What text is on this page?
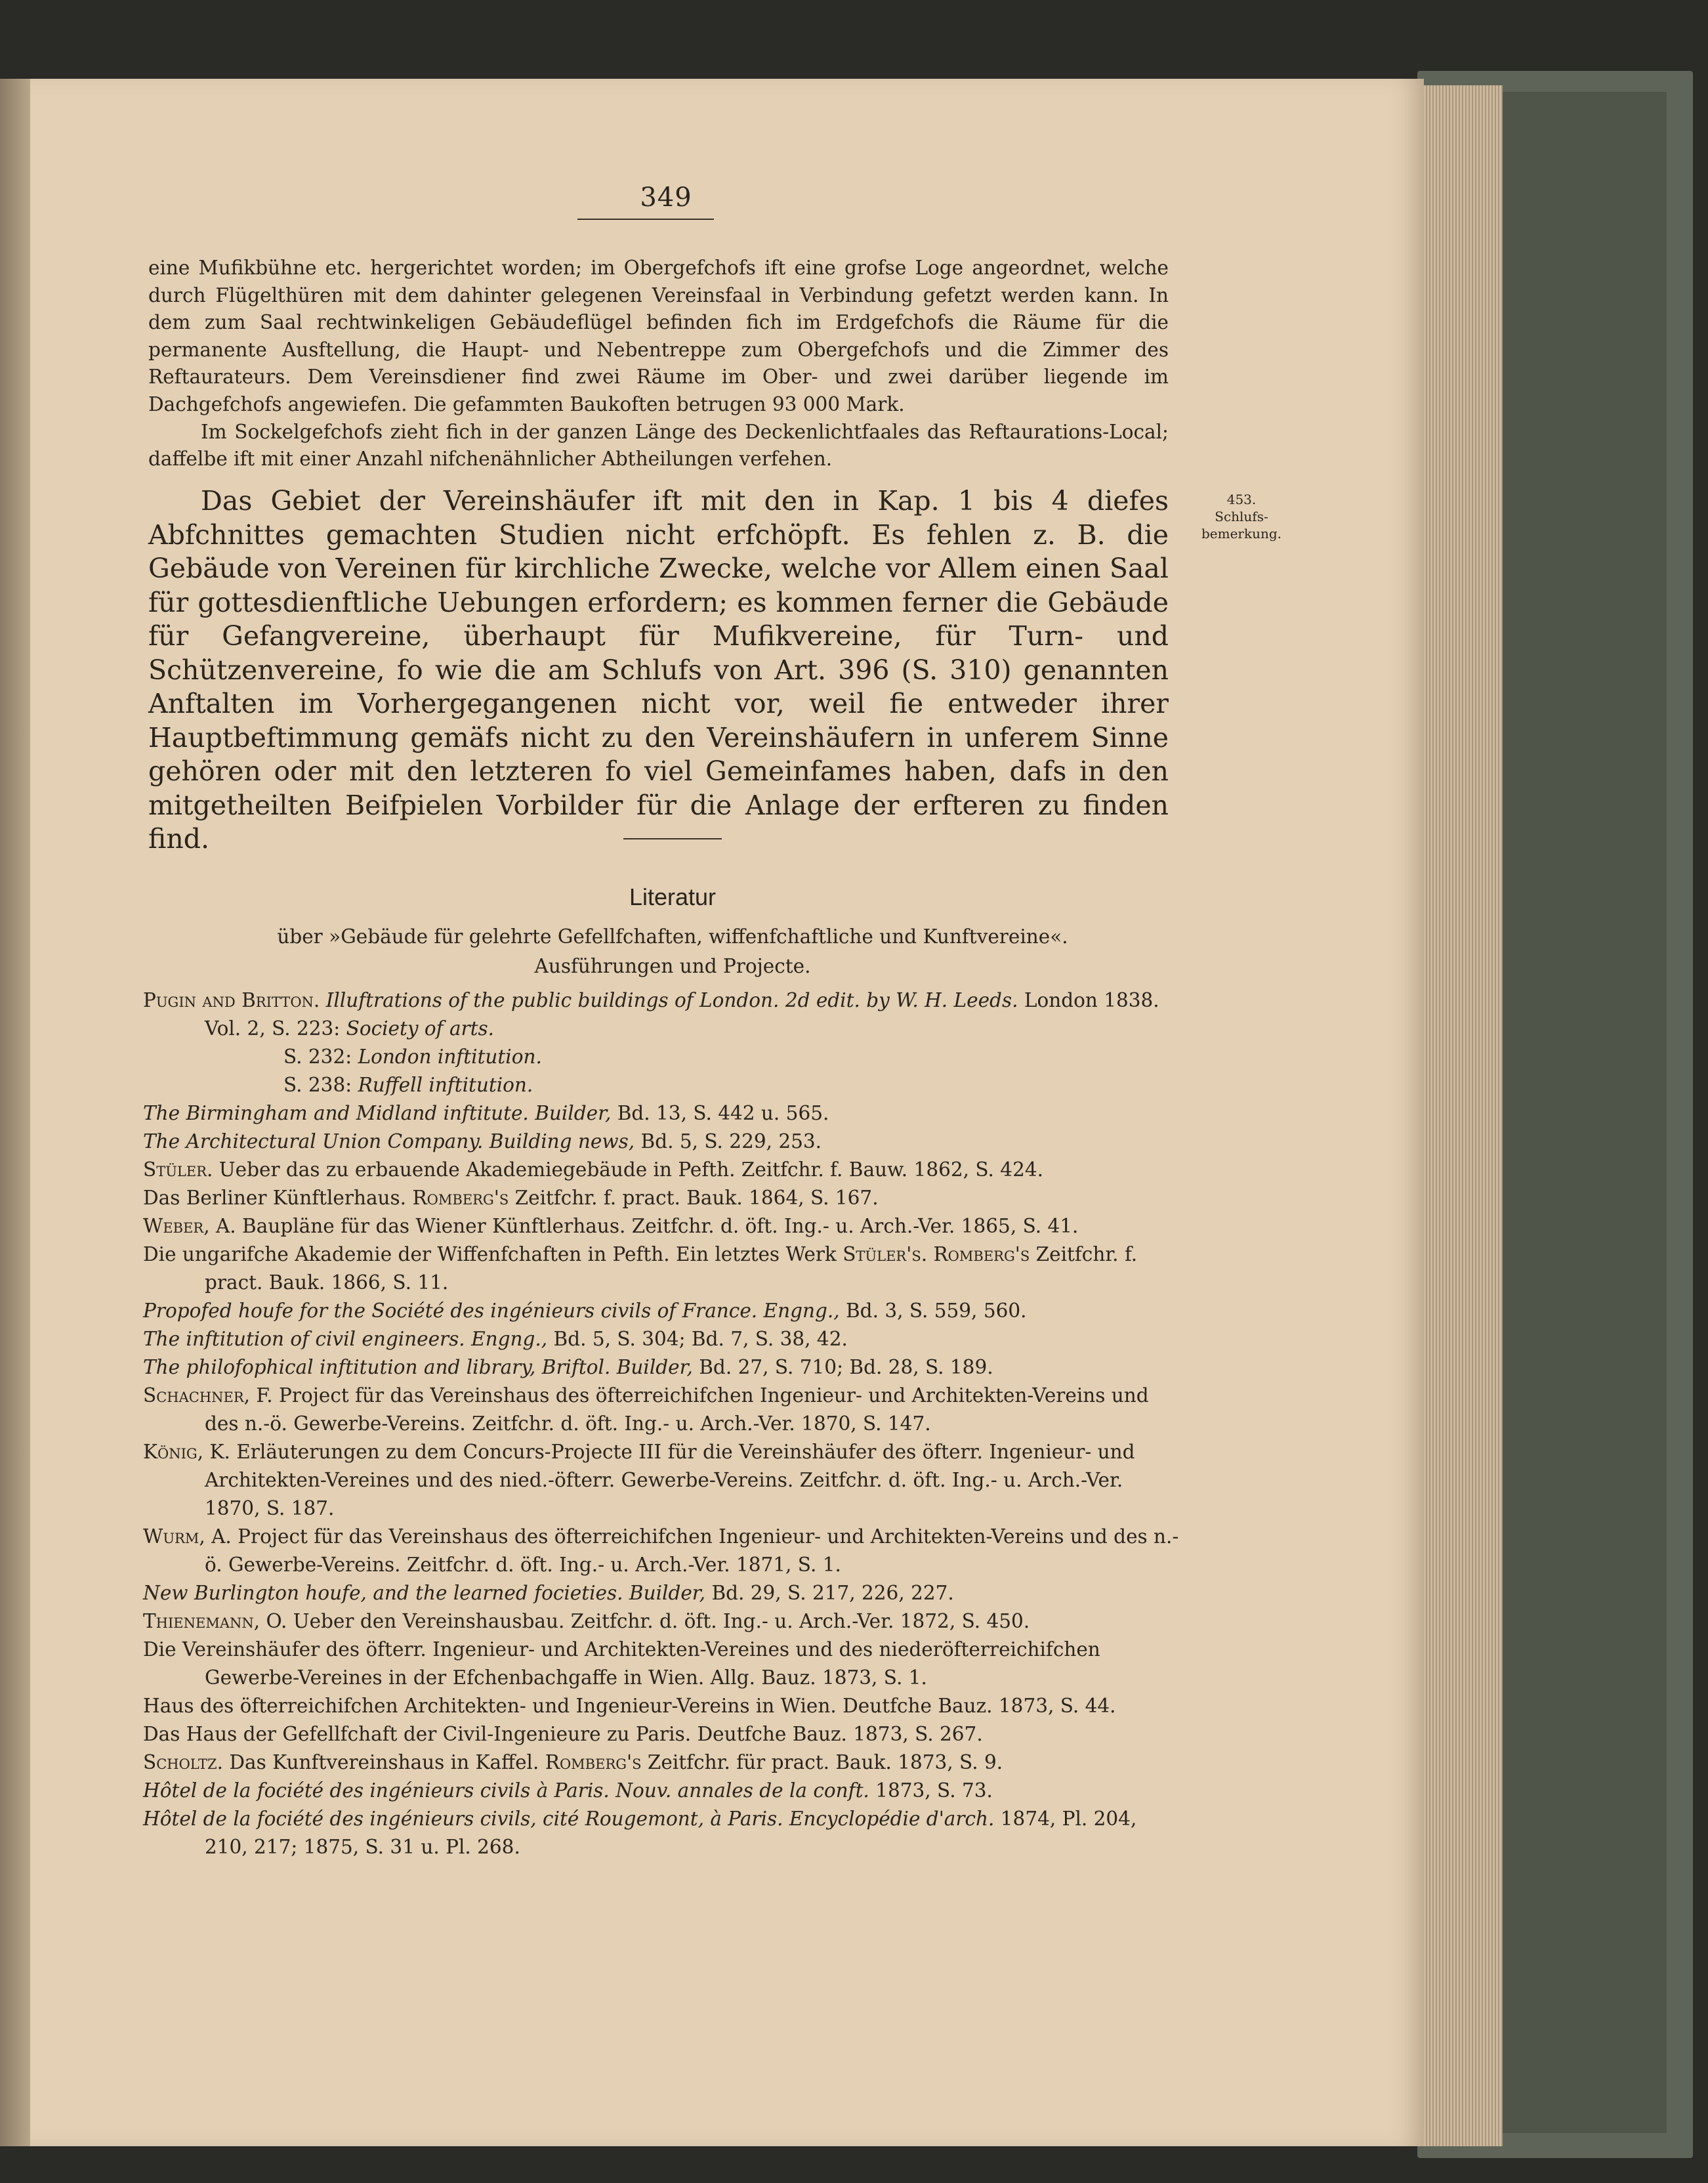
349

eine Mufikbühne etc. hergerichtet worden; im Obergefchofs ift eine grofse Loge angeordnet, welche durch Flügelthüren mit dem dahinter gelegenen Vereinsfaal in Verbindung gefetzt werden kann. In dem zum Saal rechtwinkeligen Gebäudeflügel befinden fich im Erdgefchofs die Räume für die permanente Ausftellung, die Haupt- und Nebentreppe zum Obergefchofs und die Zimmer des Reftaurateurs. Dem Vereinsdiener find zwei Räume im Ober- und zwei darüber liegende im Dachgefchofs angewiefen. Die gefammten Baukoften betrugen 93 000 Mark.

Im Sockelgefchofs zieht fich in der ganzen Länge des Deckenlichtfaales das Reftaurations-Local; daffelbe ift mit einer Anzahl nifchenähnlicher Abtheilungen verfehen.

Das Gebiet der Vereinshäufer ift mit den in Kap. 1 bis 4 diefes Abfchnittes gemachten Studien nicht erfchöpft. Es fehlen z. B. die Gebäude von Vereinen für kirchliche Zwecke, welche vor Allem einen Saal für gottesdienftliche Uebungen erfordern; es kommen ferner die Gebäude für Gefangvereine, überhaupt für Mufikvereine, für Turn- und Schützenvereine, fo wie die am Schlufs von Art. 396 (S. 310) genannten Anftalten im Vorhergegangenen nicht vor, weil fie entweder ihrer Hauptbeftimmung gemäfs nicht zu den Vereinshäufern in unferem Sinne gehören oder mit den letzteren fo viel Gemeinfames haben, dafs in den mitgetheilten Beifpielen Vorbilder für die Anlage der erfteren zu finden find.
453.
Schlufs-
bemerkung.
Literatur
über »Gebäude für gelehrte Gefellfchaften, wiffenfchaftliche und Kunftvereine«.
Ausführungen und Projecte.
Pugin and Britton. Illuftrations of the public buildings of London. 2d edit. by W. H. Leeds. London 1838.
Vol. 2, S. 223: Society of arts.
S. 232: London inftitution.
S. 238: Ruffell inftitution.
The Birmingham and Midland inftitute. Builder, Bd. 13, S. 442 u. 565.
The Architectural Union Company. Building news, Bd. 5, S. 229, 253.
Stüler. Ueber das zu erbauende Akademiegebäude in Pefth. Zeitfchr. f. Bauw. 1862, S. 424.
Das Berliner Künftlerhaus. Romberg's Zeitfchr. f. pract. Bauk. 1864, S. 167.
Weber, A. Baupläne für das Wiener Künftlerhaus. Zeitfchr. d. öft. Ing.- u. Arch.-Ver. 1865, S. 41.
Die ungarifche Akademie der Wiffenfchaften in Pefth. Ein letztes Werk Stüler's. Romberg's Zeitfchr. f. pract. Bauk. 1866, S. 11.
Propofed houfe for the Société des ingénieurs civils of France. Engng., Bd. 3, S. 559, 560.
The inftitution of civil engineers. Engng., Bd. 5, S. 304; Bd. 7, S. 38, 42.
The philofophical inftitution and library, Briftol. Builder, Bd. 27, S. 710; Bd. 28, S. 189.
Schachner, F. Project für das Vereinshaus des öfterreichifchen Ingenieur- und Architekten-Vereins und des n.-ö. Gewerbe-Vereins. Zeitfchr. d. öft. Ing.- u. Arch.-Ver. 1870, S. 147.
König, K. Erläuterungen zu dem Concurs-Projecte III für die Vereinshäufer des öfterr. Ingenieur- und Architekten-Vereines und des nied.-öfterr. Gewerbe-Vereins. Zeitfchr. d. öft. Ing.- u. Arch.-Ver. 1870, S. 187.
Wurm, A. Project für das Vereinshaus des öfterreichifchen Ingenieur- und Architekten-Vereins und des n.-ö. Gewerbe-Vereins. Zeitfchr. d. öft. Ing.- u. Arch.-Ver. 1871, S. 1.
New Burlington houfe, and the learned focieties. Builder, Bd. 29, S. 217, 226, 227.
Thienemann, O. Ueber den Vereinshausbau. Zeitfchr. d. öft. Ing.- u. Arch.-Ver. 1872, S. 450.
Die Vereinshäufer des öfterr. Ingenieur- und Architekten-Vereines und des niederöfterreichifchen Gewerbe-Vereines in der Efchenbachgaffe in Wien. Allg. Bauz. 1873, S. 1.
Haus des öfterreichifchen Architekten- und Ingenieur-Vereins in Wien. Deutfche Bauz. 1873, S. 44.
Das Haus der Gefellfchaft der Civil-Ingenieure zu Paris. Deutfche Bauz. 1873, S. 267.
Scholtz. Das Kunftvereinshaus in Kaffel. Romberg's Zeitfchr. für pract. Bauk. 1873, S. 9.
Hôtel de la fociété des ingénieurs civils à Paris. Nouv. annales de la conft. 1873, S. 73.
Hôtel de la fociété des ingénieurs civils, cité Rougemont, à Paris. Encyclopédie d'arch. 1874, Pl. 204, 210, 217; 1875, S. 31 u. Pl. 268.
